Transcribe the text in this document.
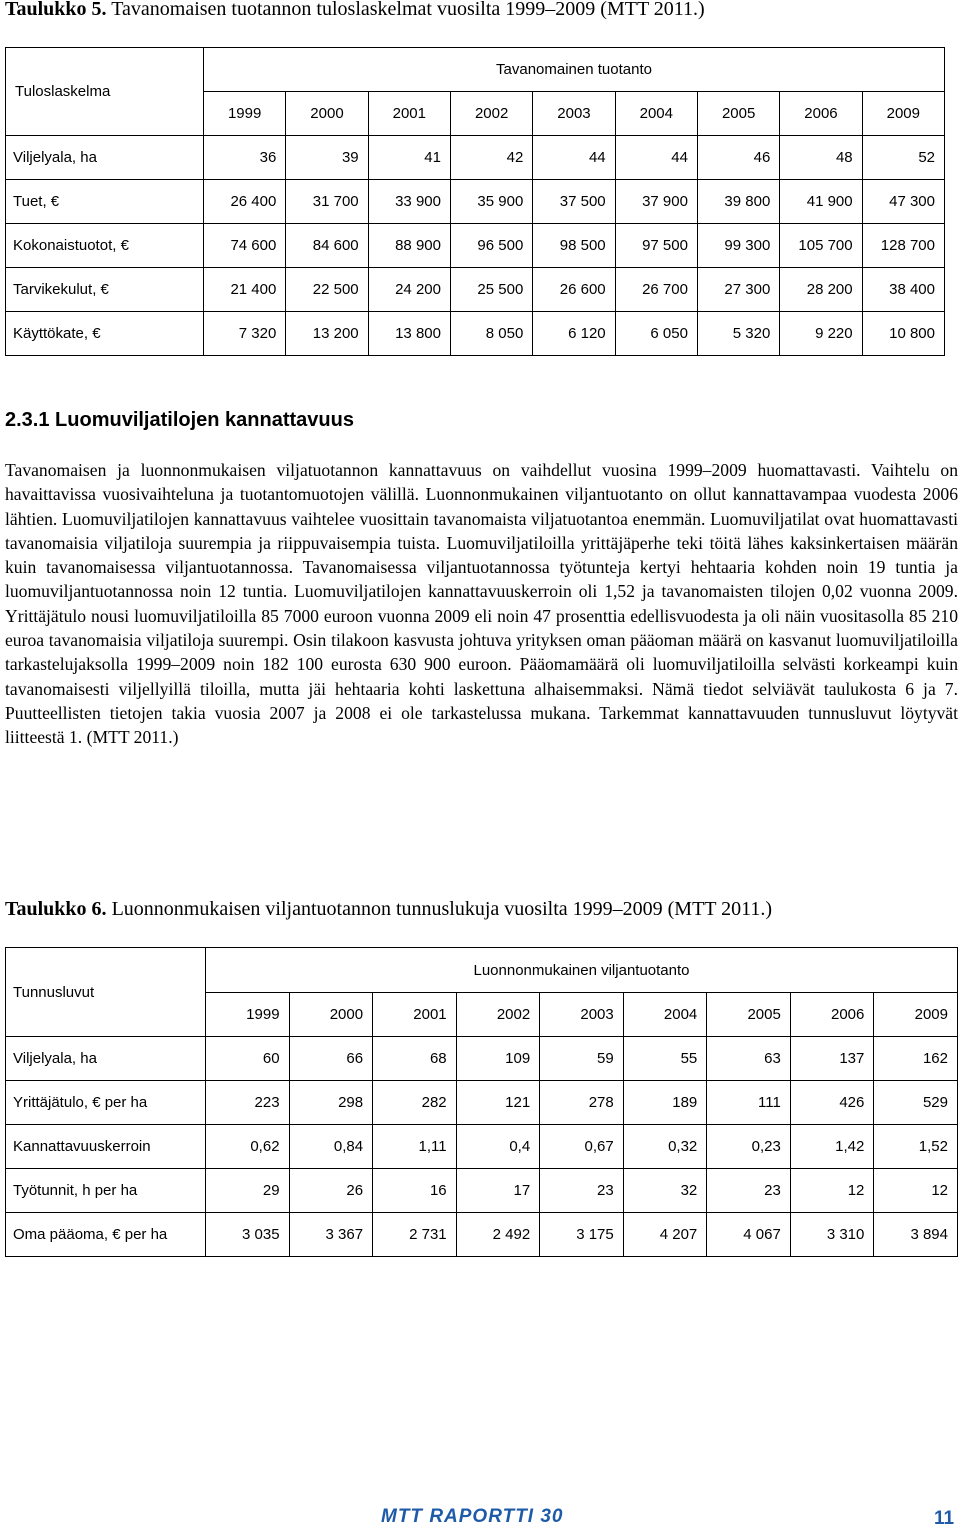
Taulukko 5. Tavanomaisen tuotannon tuloslaskelmat vuosilta 1999–2009 (MTT 2011.)
Tuloslaskelma	Tavanomainen tuotanto								
	1999	2000	2001	2002	2003	2004	2005	2006	2009
Viljelyala, ha	36	39	41	42	44	44	46	48	52
Tuet, €	26 400	31 700	33 900	35 900	37 500	37 900	39 800	41 900	47 300
Kokonaistuotot, €	74 600	84 600	88 900	96 500	98 500	97 500	99 300	105 700	128 700
Tarvikekulut, €	21 400	22 500	24 200	25 500	26 600	26 700	27 300	28 200	38 400
Käyttökate, €	7 320	13 200	13 800	8 050	6 120	6 050	5 320	9 220	10 800
2.3.1 Luomuviljatilojen kannattavuus

Tavanomaisen ja luonnonmukaisen viljatuotannon kannattavuus on vaihdellut vuosina 1999–2009 huomattavasti. Vaihtelu on havaittavissa vuosivaihteluna ja tuotantomuotojen välillä. Luonnonmukainen viljantuotanto on ollut kannattavampaa vuodesta 2006 lähtien. Luomuviljatilojen kannattavuus vaihtelee vuosittain tavanomaista viljatuotantoa enemmän. Luomuviljatilat ovat huomattavasti tavanomaisia viljatiloja suurempia ja riippuvaisempia tuista. Luomuviljatiloilla yrittäjäperhe teki töitä lähes kaksinkertaisen määrän kuin tavanomaisessa viljantuotannossa. Tavanomaisessa viljantuotannossa työtunteja kertyi hehtaaria kohden noin 19 tuntia ja luomuviljantuotannossa noin 12 tuntia. Luomuviljatilojen kannattavuuskerroin oli 1,52 ja tavanomaisten tilojen 0,02 vuonna 2009. Yrittäjätulo nousi luomuviljatiloilla 85 7000 euroon vuonna 2009 eli noin 47 prosenttia edellisvuodesta ja oli näin vuositasolla 85 210 euroa tavanomaisia viljatiloja suurempi. Osin tilakoon kasvusta johtuva yrityksen oman pääoman määrä on kasvanut luomuviljatiloilla tarkastelujaksolla 1999–2009 noin 182 100 eurosta 630 900 euroon. Pääomamäärä oli luomuviljatiloilla selvästi korkeampi kuin tavanomaisesti viljellyillä tiloilla, mutta jäi hehtaaria kohti laskettuna alhaisemmaksi. Nämä tiedot selviävät taulukosta 6 ja 7. Puutteellisten tietojen takia vuosia 2007 ja 2008 ei ole tarkastelussa mukana. Tarkemmat kannattavuuden tunnusluvut löytyvät liitteestä 1. (MTT 2011.)

Taulukko 6. Luonnonmukaisen viljantuotannon tunnuslukuja vuosilta 1999–2009 (MTT 2011.)
Tunnusluvut	Luonnonmukainen viljantuotanto								
	1999	2000	2001	2002	2003	2004	2005	2006	2009
Viljelyala, ha	60	66	68	109	59	55	63	137	162
Yrittäjätulo, € per ha	223	298	282	121	278	189	111	426	529
Kannattavuuskerroin	0,62	0,84	1,11	0,4	0,67	0,32	0,23	1,42	1,52
Työtunnit, h per ha	29	26	16	17	23	32	23	12	12
Oma pääoma, € per ha	3 035	3 367	2 731	2 492	3 175	4 207	4 067	3 310	3 894
MTT RAPORTTI 30	11
